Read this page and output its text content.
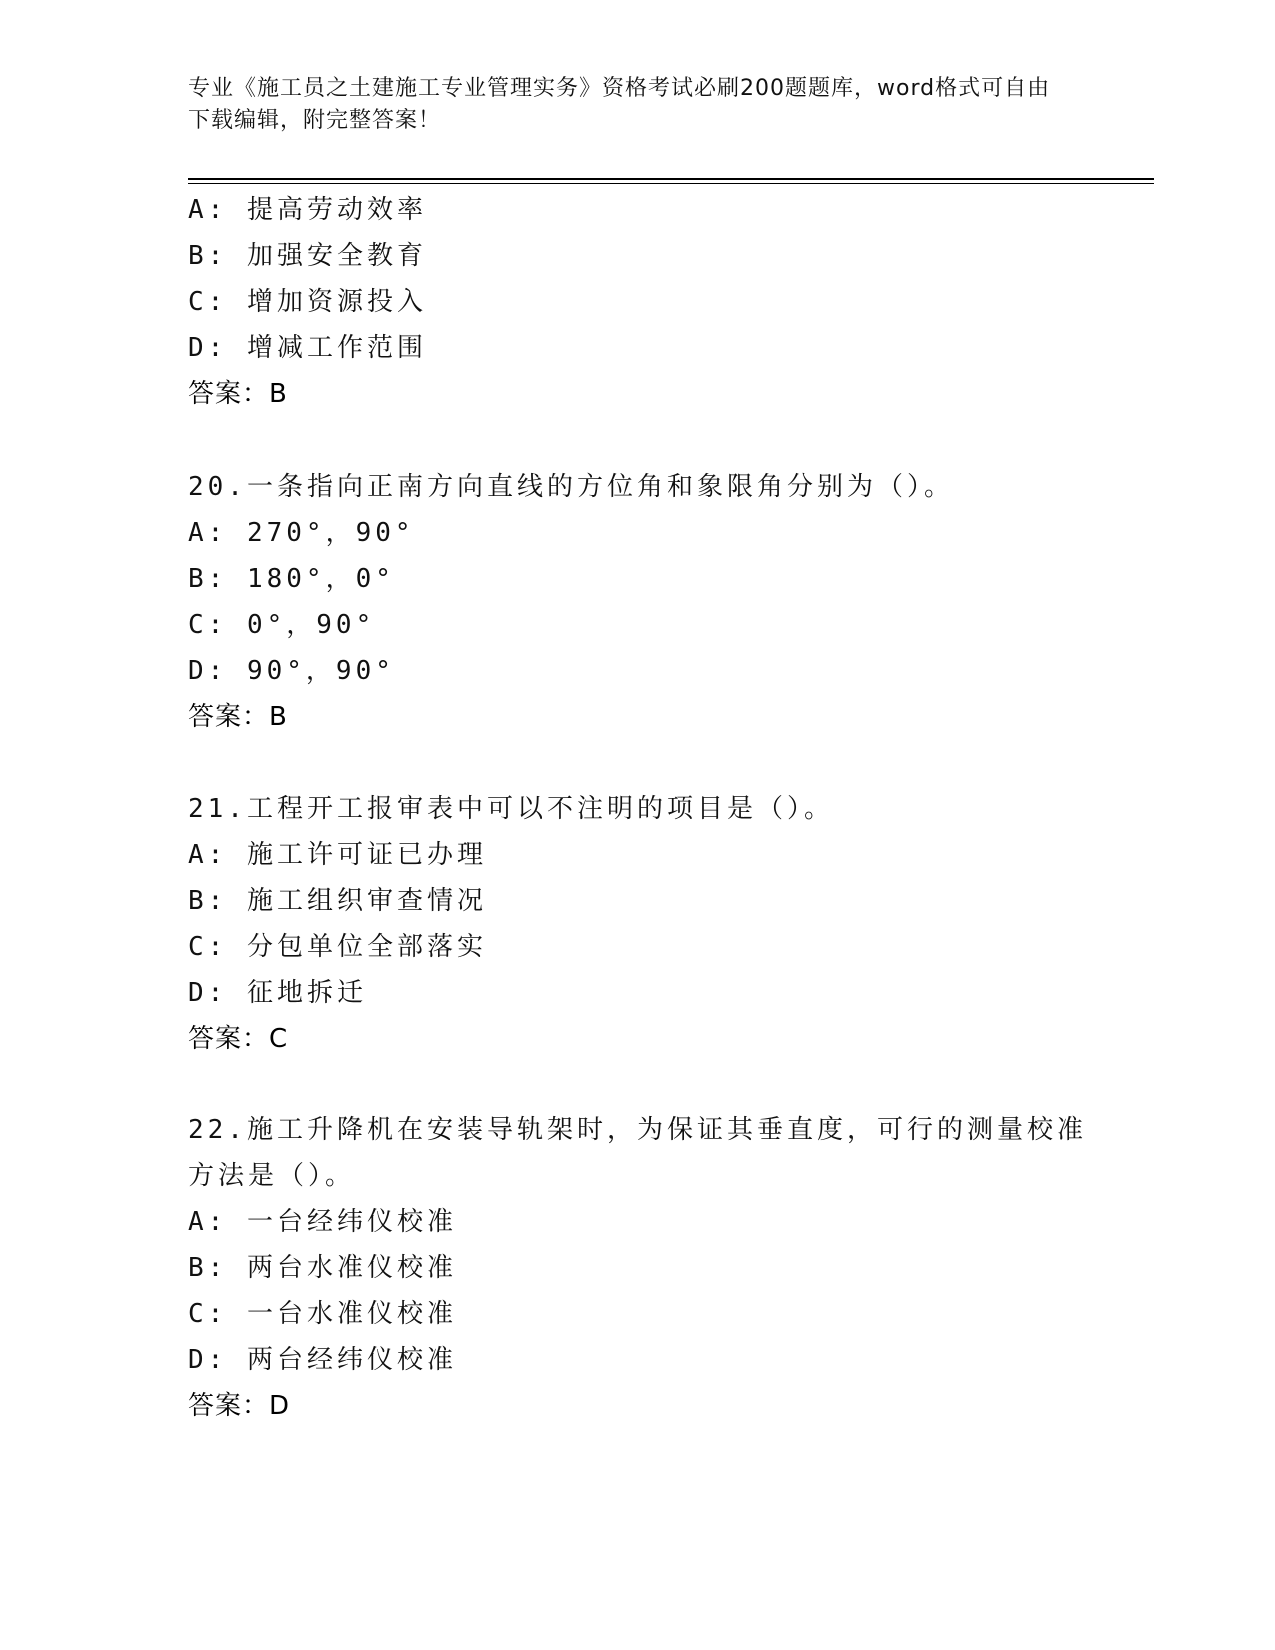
专业《施工员之土建施工专业管理实务》资格考试必刷200题题库，word格式可自由下载编辑，附完整答案！
A: 提高劳动效率
B: 加强安全教育
C: 增加资源投入
D: 增减工作范围
答案：B
20.一条指向正南方向直线的方位角和象限角分别为（）。
A: 270°，90°
B: 180°，0°
C: 0°，90°
D: 90°，90°
答案：B
21.工程开工报审表中可以不注明的项目是（）。
A: 施工许可证已办理
B: 施工组织审查情况
C: 分包单位全部落实
D: 征地拆迁
答案：C
22.施工升降机在安装导轨架时，为保证其垂直度，可行的测量校准方法是（）。
A: 一台经纬仪校准
B: 两台水准仪校准
C: 一台水准仪校准
D: 两台经纬仪校准
答案：D
